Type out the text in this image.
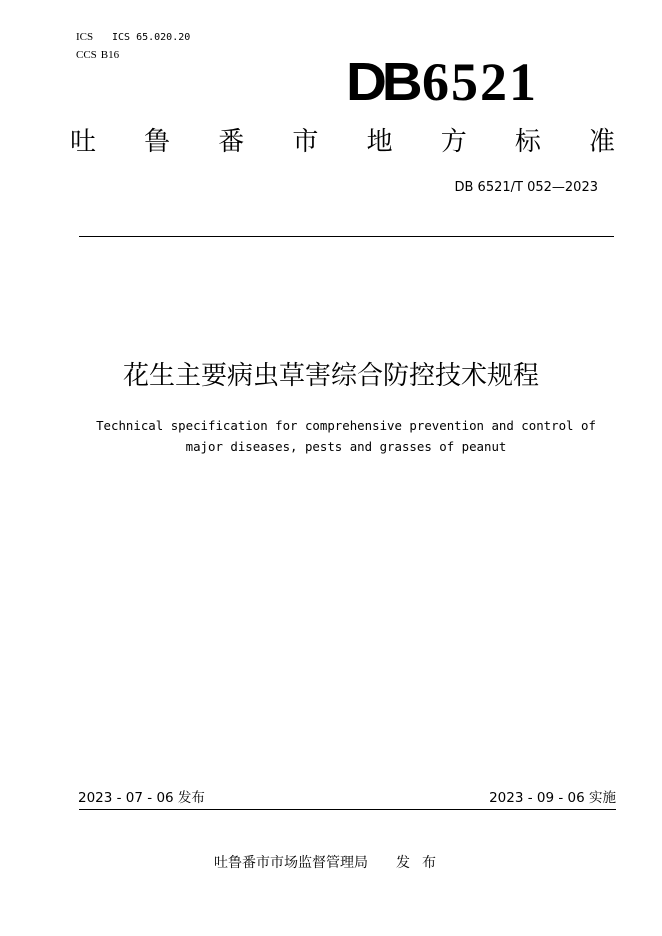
ICS ICS 65.020.20
CCS B16	DB6521
吐 鲁 番 市 地 方 标 准
DB 6521/T 052—2023
花生主要病虫草害综合防控技术规程
Technical specification for comprehensive prevention and control of
major diseases, pests and grasses of peanut
2023 - 07 - 06 发布	2023 - 09 - 06 实施
吐鲁番市市场监督管理局 发布
